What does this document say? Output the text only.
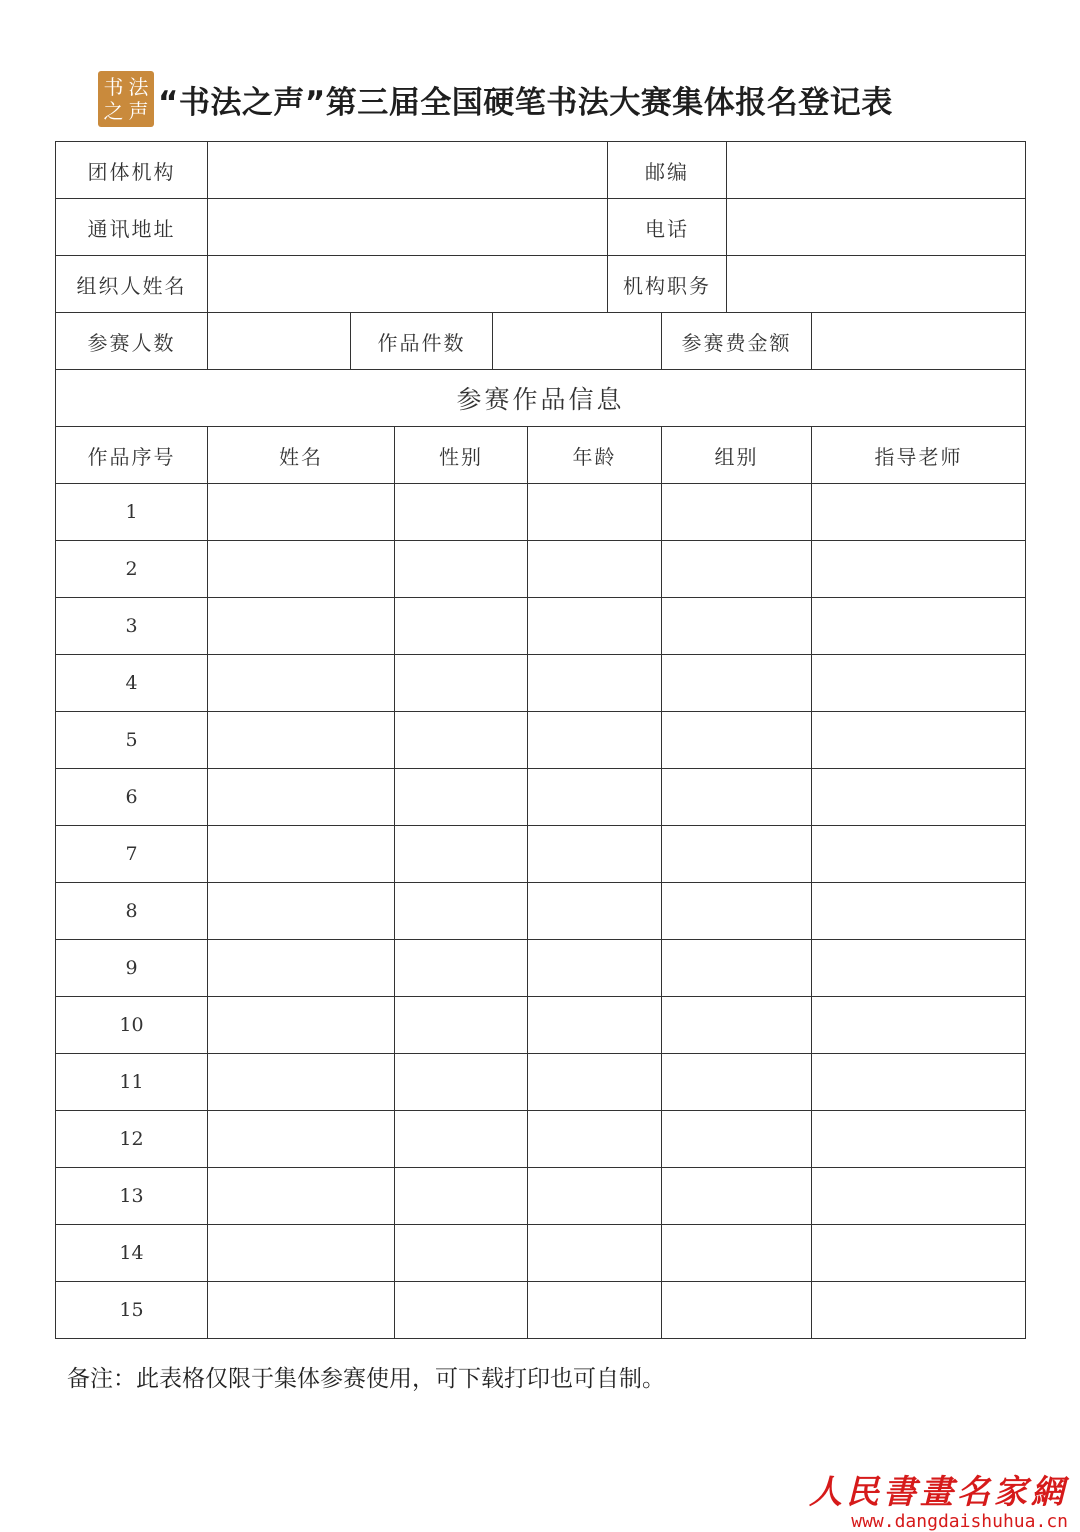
书 法
之 声 “书法之声”第三届全国硬笔书法大赛集体报名登记表
团体机构						邮编			
通讯地址						电话			
组织人姓名						机构职务			
参赛人数		作品件数					参赛费金额		
参赛作品信息									
作品序号	姓名		性别		年龄		组别		指导老师
1									
2									
3									
4									
5									
6									
7									
8									
9									
10									
11									
12									
13									
14									
15									
备注：此表格仅限于集体参赛使用，可下载打印也可自制。
人民書畫名家網
www.dangdaishuhua.cn
